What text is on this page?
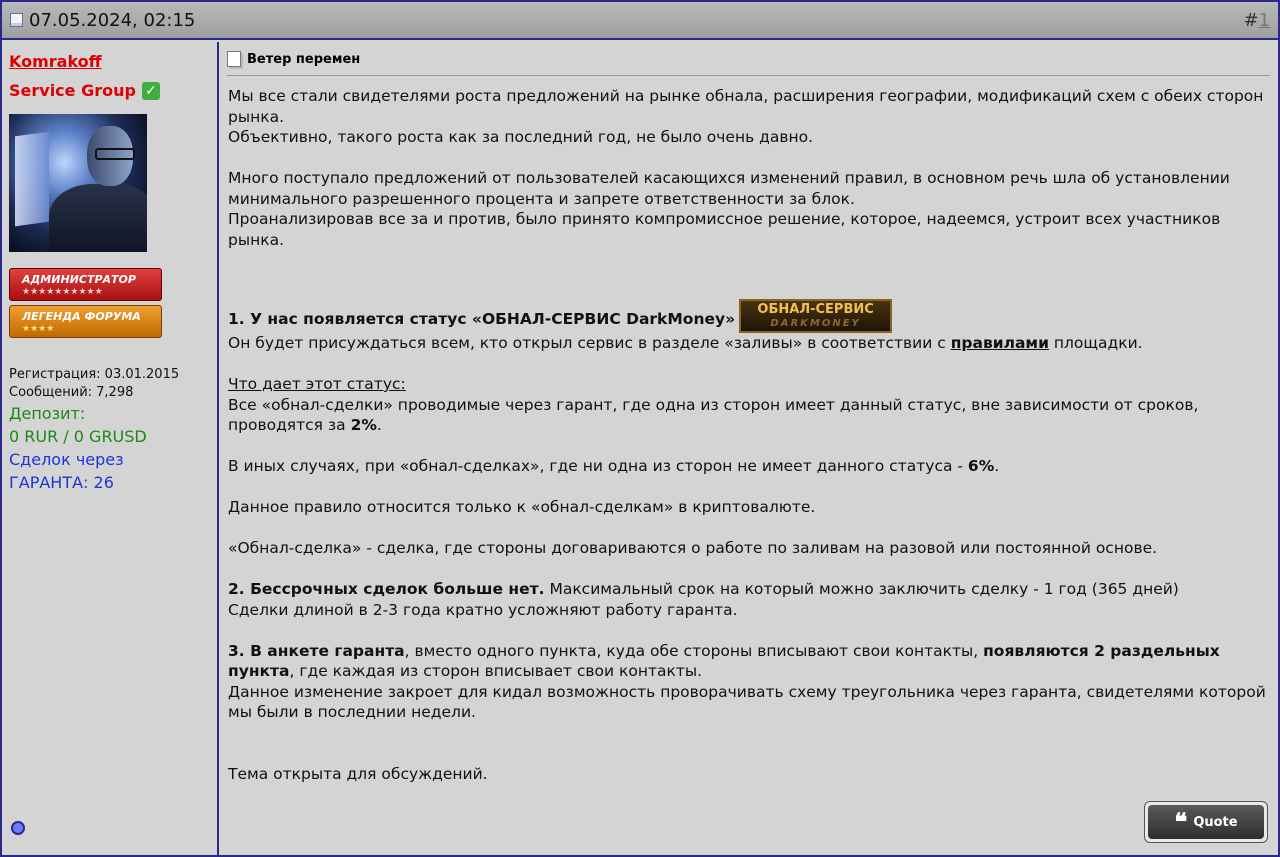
07.05.2024, 02:15	#1
Komrakoff
Service Group ✓
АДМИНИСТРАТОР
★★★★★★★★★★
ЛЕГЕНДА ФОРУМА
★★★★
Регистрация: 03.01.2015
Сообщений: 7,298
Депозит:
0 RUR / 0 GRUSD
Сделок через
ГАРАНТА: 26
Ветер перемен

Мы все стали свидетелями роста предложений на рынке обнала, расширения географии, модификаций схем с обеих сторон рынка.

Объективно, такого роста как за последний год, не было очень давно.

Много поступало предложений от пользователей касающихся изменений правил, в основном речь шла об установлении минимального разрешенного процента и запрете ответственности за блок.

Проанализировав все за и против, было принято компромиссное решение, которое, надеемся, устроит всех участников рынка.

1. У нас появляется статус «ОБНАЛ-СЕРВИС DarkMoney»ОБНАЛ-СЕРВИС
DARKMONEY

Он будет присуждаться всем, кто открыл сервис в разделе «заливы» в соответствии с правилами площадки.

Что дает этот статус:

Все «обнал-сделки» проводимые через гарант, где одна из сторон имеет данный статус, вне зависимости от сроков, проводятся за 2%.

В иных случаях, при «обнал-сделках», где ни одна из сторон не имеет данного статуса - 6%.

Данное правило относится только к «обнал-сделкам» в криптовалюте.

«Обнал-сделка» - сделка, где стороны договариваются о работе по заливам на разовой или постоянной основе.

2. Бессрочных сделок больше нет. Максимальный срок на который можно заключить сделку - 1 год (365 дней)

Сделки длиной в 2-3 года кратно усложняют работу гаранта.

3. В анкете гаранта, вместо одного пункта, куда обе стороны вписывают свои контакты, появляются 2 раздельных пункта, где каждая из сторон вписывает свои контакты.

Данное изменение закроет для кидал возможность проворачивать схему треугольника через гаранта, свидетелями которой мы были в последнии недели.

Тема открыта для обсуждений.

❝ Quote
